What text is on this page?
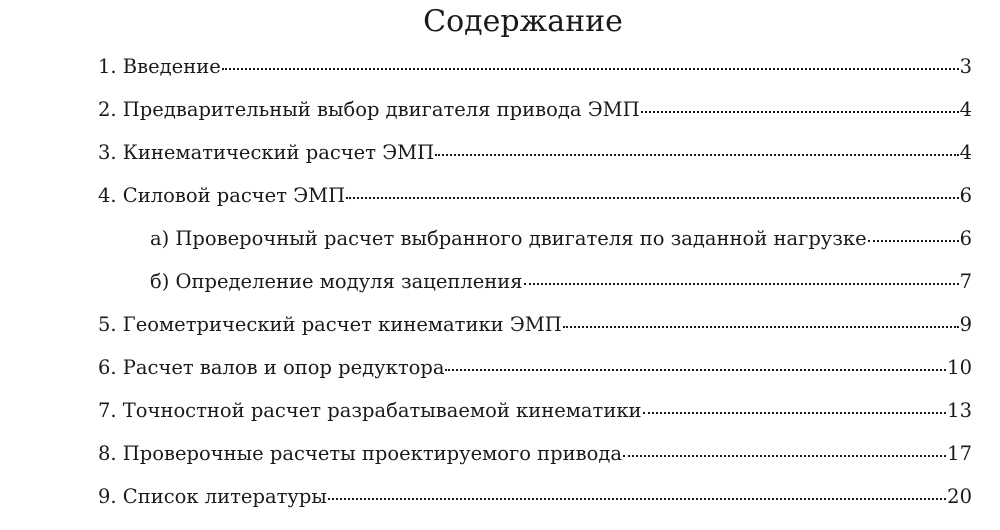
Содержание
1. Введение	3
2. Предварительный выбор двигателя привода ЭМП	4
3. Кинематический расчет ЭМП	4
4. Силовой расчет ЭМП	6
а) Проверочный расчет выбранного двигателя по заданной нагрузке	6
б) Определение модуля зацепления	7
5. Геометрический расчет кинематики ЭМП	9
6. Расчет валов и опор редуктора	10
7. Точностной расчет разрабатываемой кинематики	13
8. Проверочные расчеты проектируемого привода	17
9. Список литературы	20
